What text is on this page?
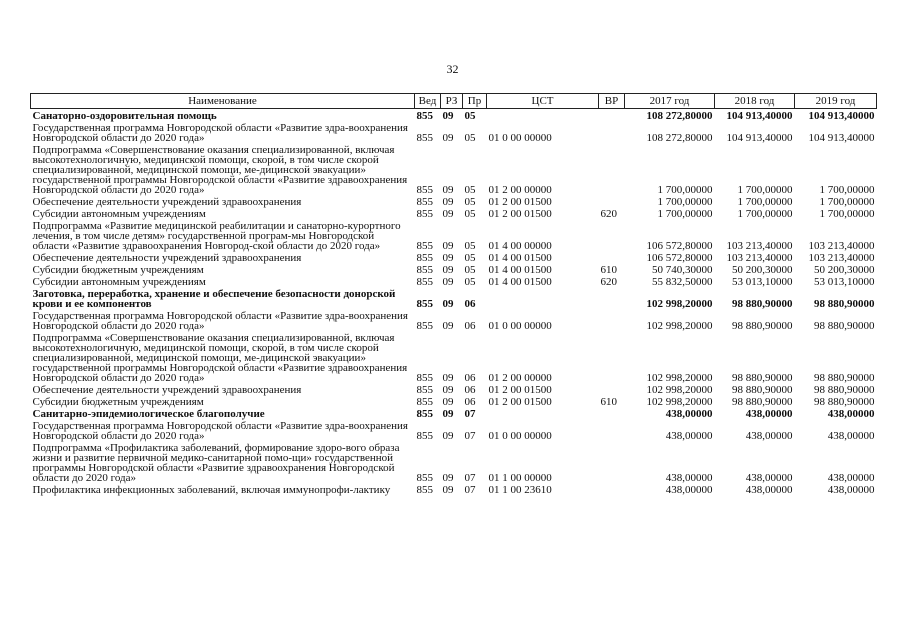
32
Наименование	Вед	РЗ	Пр	ЦСТ	ВР	2017 год	2018 год	2019 год
Санаторно-оздоровительная помощь	855	09	05			108 272,80000	104 913,40000	104 913,40000
Государственная программа Новгородской области «Развитие здра-воохранения Новгородской области до 2020 года»	855	09	05	01 0 00 00000		108 272,80000	104 913,40000	104 913,40000
Подпрограмма «Совершенствование оказания специализированной, включая высокотехнологичную, медицинской помощи, скорой, в том числе скорой специализированной, медицинской помощи, ме-дицинской эвакуации» государственной программы Новгородской области «Развитие здравоохранения Новгородской области до 2020 года»	855	09	05	01 2 00 00000		1 700,00000	1 700,00000	1 700,00000
Обеспечение деятельности учреждений здравоохранения	855	09	05	01 2 00 01500		1 700,00000	1 700,00000	1 700,00000
Субсидии автономным учреждениям	855	09	05	01 2 00 01500	620	1 700,00000	1 700,00000	1 700,00000
Подпрограмма «Развитие медицинской реабилитации и санаторно-курортного лечения, в том числе детям» государственной програм-мы Новгородской области «Развитие здравоохранения Новгород-ской области до 2020 года»	855	09	05	01 4 00 00000		106 572,80000	103 213,40000	103 213,40000
Обеспечение деятельности учреждений здравоохранения	855	09	05	01 4 00 01500		106 572,80000	103 213,40000	103 213,40000
Субсидии бюджетным учреждениям	855	09	05	01 4 00 01500	610	50 740,30000	50 200,30000	50 200,30000
Субсидии автономным учреждениям	855	09	05	01 4 00 01500	620	55 832,50000	53 013,10000	53 013,10000
Заготовка, переработка, хранение и обеспечение безопасности донорской крови и ее компонентов	855	09	06			102 998,20000	98 880,90000	98 880,90000
Государственная программа Новгородской области «Развитие здра-воохранения Новгородской области до 2020 года»	855	09	06	01 0 00 00000		102 998,20000	98 880,90000	98 880,90000
Подпрограмма «Совершенствование оказания специализированной, включая высокотехнологичную, медицинской помощи, скорой, в том числе скорой специализированной, медицинской помощи, ме-дицинской эвакуации» государственной программы Новгородской области «Развитие здравоохранения Новгородской области до 2020 года»	855	09	06	01 2 00 00000		102 998,20000	98 880,90000	98 880,90000
Обеспечение деятельности учреждений здравоохранения	855	09	06	01 2 00 01500		102 998,20000	98 880,90000	98 880,90000
Субсидии бюджетным учреждениям	855	09	06	01 2 00 01500	610	102 998,20000	98 880,90000	98 880,90000
Санитарно-эпидемиологическое благополучие	855	09	07			438,00000	438,00000	438,00000
Государственная программа Новгородской области «Развитие здра-воохранения Новгородской области до 2020 года»	855	09	07	01 0 00 00000		438,00000	438,00000	438,00000
Подпрограмма «Профилактика заболеваний, формирование здоро-вого образа жизни и развитие первичной медико-санитарной помо-щи» государственной программы Новгородской области «Развитие здравоохранения Новгородской области до 2020 года»	855	09	07	01 1 00 00000		438,00000	438,00000	438,00000
Профилактика инфекционных заболеваний, включая иммунопрофи-лактику	855	09	07	01 1 00 23610		438,00000	438,00000	438,00000
